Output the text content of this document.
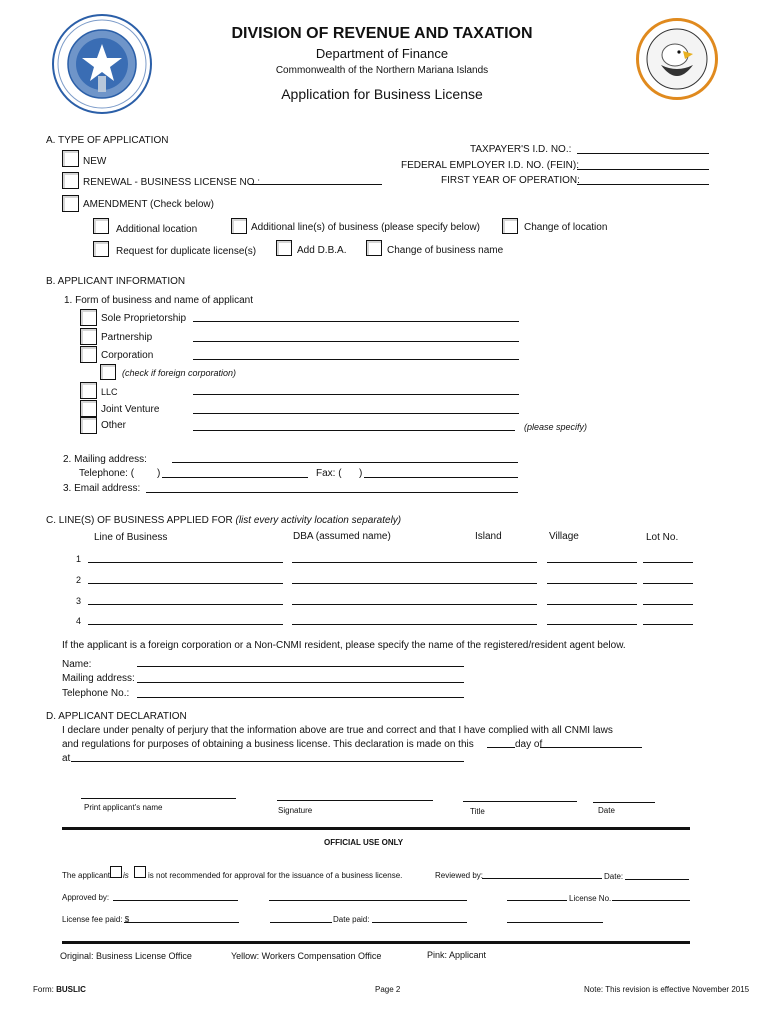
DIVISION OF REVENUE AND TAXATION
Department of Finance
Commonwealth of the Northern Mariana Islands
Application for Business License
A. TYPE OF APPLICATION
NEW
RENEWAL - BUSINESS LICENSE NO.:
AMENDMENT (Check below)
Additional location	Additional line(s) of business (please specify below)	Change of location
Request for duplicate license(s)	Add D.B.A.	Change of business name
TAXPAYER'S I.D. NO.:
FEDERAL EMPLOYER I.D. NO. (FEIN):
FIRST YEAR OF OPERATION:
B. APPLICANT INFORMATION
1. Form of business and name of applicant
Sole Proprietorship
Partnership
Corporation
(check if foreign corporation)
LLC
Joint Venture
Other	(please specify)
2. Mailing address:
Telephone: ( )	Fax: ( )
3. Email address:
C. LINE(S) OF BUSINESS APPLIED FOR (list every activity location separately)
Line of Business	DBA (assumed name)	Island	Village	Lot No.
1
2
3
4
If the applicant is a foreign corporation or a Non-CNMI resident, please specify the name of the registered/resident agent below.
Name:
Mailing address:
Telephone No.:
D. APPLICANT DECLARATION
I declare under penalty of perjury that the information above are true and correct and that I have complied with all CNMI laws
and regulations for purposes of obtaining a business license. This declaration is made on this	day of
at
Print applicant's name	Signature	Title	Date
OFFICIAL USE ONLY
The applicant is is not recommended for approval for the issuance of a business license.	Reviewed by:	Date:
Approved by:	License No.
License fee paid: $	Date paid:
Original: Business License Office	Yellow: Workers Compensation Office	Pink: Applicant
Form: BUSLIC	Page 2	Note: This revision is effective November 2015
